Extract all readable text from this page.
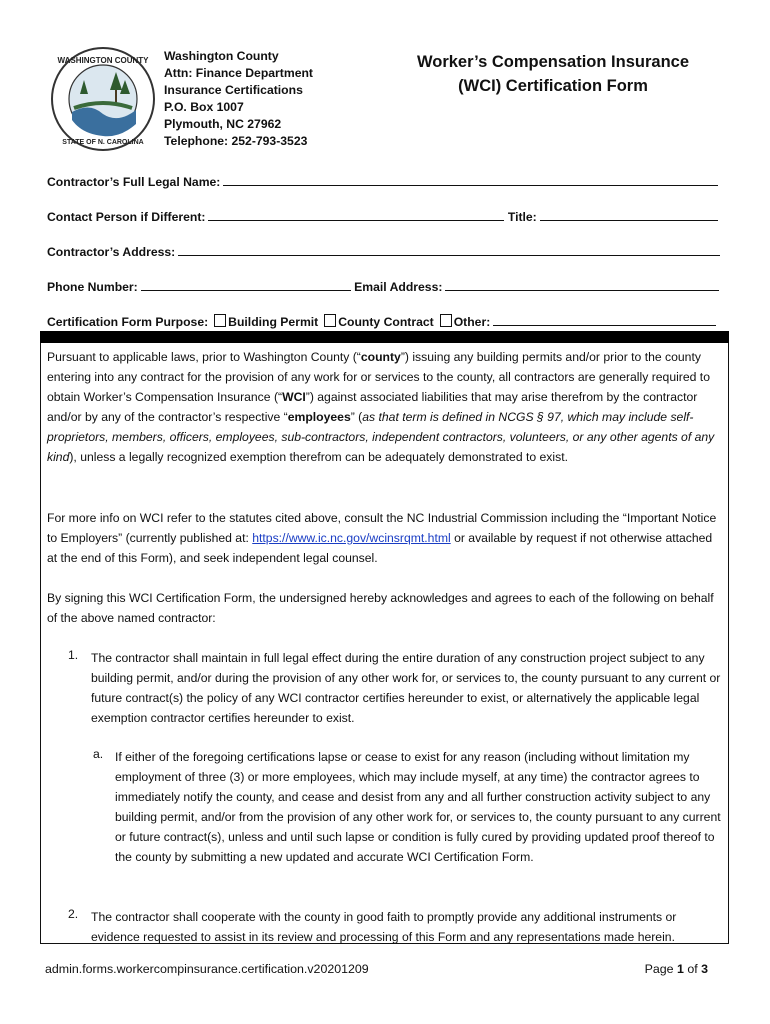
WASHINGTON COUNTY
STATE OF N. CAROLINA
Washington County
Attn: Finance Department
Insurance Certifications
P.O. Box 1007
Plymouth, NC 27962
Telephone: 252-793-3523
Worker’s Compensation Insurance
(WCI) Certification Form
Contractor’s Full Legal Name:
Contact Person if Different:	Title:
Contractor’s Address:
Phone Number:	Email Address:
Certification Form Purpose: Building Permit County Contract Other:

Pursuant to applicable laws, prior to Washington County (“county”) issuing any building permits and/or prior to the county entering into any contract for the provision of any work for or services to the county, all contractors are generally required to obtain Worker’s Compensation Insurance (“WCI”) against associated liabilities that may arise therefrom by the contractor and/or by any of the contractor’s respective “employees” (as that term is defined in NCGS § 97, which may include self-proprietors, members, officers, employees, sub-contractors, independent contractors, volunteers, or any other agents of any kind), unless a legally recognized exemption therefrom can be adequately demonstrated to exist.

For more info on WCI refer to the statutes cited above, consult the NC Industrial Commission including the “Important Notice to Employers” (currently published at: https://www.ic.nc.gov/wcinsrqmt.html or available by request if not otherwise attached at the end of this Form), and seek independent legal counsel.

By signing this WCI Certification Form, the undersigned hereby acknowledges and agrees to each of the following on behalf of the above named contractor:

1. The contractor shall maintain in full legal effect during the entire duration of any construction project subject to any building permit, and/or during the provision of any other work for, or services to, the county pursuant to any current or future contract(s) the policy of any WCI contractor certifies hereunder to exist, or alternatively the applicable legal exemption contractor certifies hereunder to exist.

a. If either of the foregoing certifications lapse or cease to exist for any reason (including without limitation my employment of three (3) or more employees, which may include myself, at any time) the contractor agrees to immediately notify the county, and cease and desist from any and all further construction activity subject to any building permit, and/or from the provision of any other work for, or services to, the county pursuant to any current or future contract(s), unless and until such lapse or condition is fully cured by providing updated proof thereof to the county by submitting a new updated and accurate WCI Certification Form.

2. The contractor shall cooperate with the county in good faith to promptly provide any additional instruments or evidence requested to assist in its review and processing of this Form and any representations made herein.

admin.forms.workercompinsurance.certification.v20201209	Page 1 of 3
